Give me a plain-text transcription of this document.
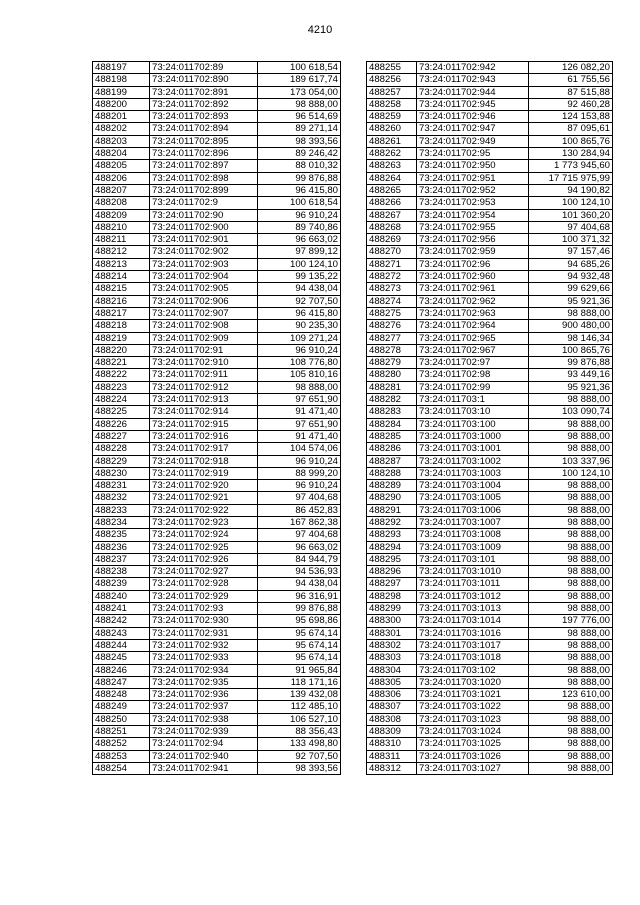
4210
488197	73:24:011702:89	100 618,54
488198	73:24:011702:890	189 617,74
488199	73:24:011702:891	173 054,00
488200	73:24:011702:892	98 888,00
488201	73:24:011702:893	96 514,69
488202	73:24:011702:894	89 271,14
488203	73:24:011702:895	98 393,56
488204	73:24:011702:896	89 246,42
488205	73:24:011702:897	88 010,32
488206	73:24:011702:898	99 876,88
488207	73:24:011702:899	96 415,80
488208	73:24:011702:9	100 618,54
488209	73:24:011702:90	96 910,24
488210	73:24:011702:900	89 740,86
488211	73:24:011702:901	96 663,02
488212	73:24:011702:902	97 899,12
488213	73:24:011702:903	100 124,10
488214	73:24:011702:904	99 135,22
488215	73:24:011702:905	94 438,04
488216	73:24:011702:906	92 707,50
488217	73:24:011702:907	96 415,80
488218	73:24:011702:908	90 235,30
488219	73:24:011702:909	109 271,24
488220	73:24:011702:91	96 910,24
488221	73:24:011702:910	108 776,80
488222	73:24:011702:911	105 810,16
488223	73:24:011702:912	98 888,00
488224	73:24:011702:913	97 651,90
488225	73:24:011702:914	91 471,40
488226	73:24:011702:915	97 651,90
488227	73:24:011702:916	91 471,40
488228	73:24:011702:917	104 574,06
488229	73:24:011702:918	96 910,24
488230	73:24:011702:919	88 999,20
488231	73:24:011702:920	96 910,24
488232	73:24:011702:921	97 404,68
488233	73:24:011702:922	86 452,83
488234	73:24:011702:923	167 862,38
488235	73:24:011702:924	97 404,68
488236	73:24:011702:925	96 663,02
488237	73:24:011702:926	84 944,79
488238	73:24:011702:927	94 536,93
488239	73:24:011702:928	94 438,04
488240	73:24:011702:929	96 316,91
488241	73:24:011702:93	99 876,88
488242	73:24:011702:930	95 698,86
488243	73:24:011702:931	95 674,14
488244	73:24:011702:932	95 674,14
488245	73:24:011702:933	95 674,14
488246	73:24:011702:934	91 965,84
488247	73:24:011702:935	118 171,16
488248	73:24:011702:936	139 432,08
488249	73:24:011702:937	112 485,10
488250	73:24:011702:938	106 527,10
488251	73:24:011702:939	88 356,43
488252	73:24:011702:94	133 498,80
488253	73:24:011702:940	92 707,50
488254	73:24:011702:941	98 393,56
488255	73:24:011702:942	126 082,20
488256	73:24:011702:943	61 755,56
488257	73:24:011702:944	87 515,88
488258	73:24:011702:945	92 460,28
488259	73:24:011702:946	124 153,88
488260	73:24:011702:947	87 095,61
488261	73:24:011702:949	100 865,76
488262	73:24:011702:95	130 284,94
488263	73:24:011702:950	1 773 945,60
488264	73:24:011702:951	17 715 975,99
488265	73:24:011702:952	94 190,82
488266	73:24:011702:953	100 124,10
488267	73:24:011702:954	101 360,20
488268	73:24:011702:955	97 404,68
488269	73:24:011702:956	100 371,32
488270	73:24:011702:959	97 157,46
488271	73:24:011702:96	94 685,26
488272	73:24:011702:960	94 932,48
488273	73:24:011702:961	99 629,66
488274	73:24:011702:962	95 921,36
488275	73:24:011702:963	98 888,00
488276	73:24:011702:964	900 480,00
488277	73:24:011702:965	98 146,34
488278	73:24:011702:967	100 865,76
488279	73:24:011702:97	99 876,88
488280	73:24:011702:98	93 449,16
488281	73:24:011702:99	95 921,36
488282	73:24:011703:1	98 888,00
488283	73:24:011703:10	103 090,74
488284	73:24:011703:100	98 888,00
488285	73:24:011703:1000	98 888,00
488286	73:24:011703:1001	98 888,00
488287	73:24:011703:1002	103 337,96
488288	73:24:011703:1003	100 124,10
488289	73:24:011703:1004	98 888,00
488290	73:24:011703:1005	98 888,00
488291	73:24:011703:1006	98 888,00
488292	73:24:011703:1007	98 888,00
488293	73:24:011703:1008	98 888,00
488294	73:24:011703:1009	98 888,00
488295	73:24:011703:101	98 888,00
488296	73:24:011703:1010	98 888,00
488297	73:24:011703:1011	98 888,00
488298	73:24:011703:1012	98 888,00
488299	73:24:011703:1013	98 888,00
488300	73:24:011703:1014	197 776,00
488301	73:24:011703:1016	98 888,00
488302	73:24:011703:1017	98 888,00
488303	73:24:011703:1018	98 888,00
488304	73:24:011703:102	98 888,00
488305	73:24:011703:1020	98 888,00
488306	73:24:011703:1021	123 610,00
488307	73:24:011703:1022	98 888,00
488308	73:24:011703:1023	98 888,00
488309	73:24:011703:1024	98 888,00
488310	73:24:011703:1025	98 888,00
488311	73:24:011703:1026	98 888,00
488312	73:24:011703:1027	98 888,00
